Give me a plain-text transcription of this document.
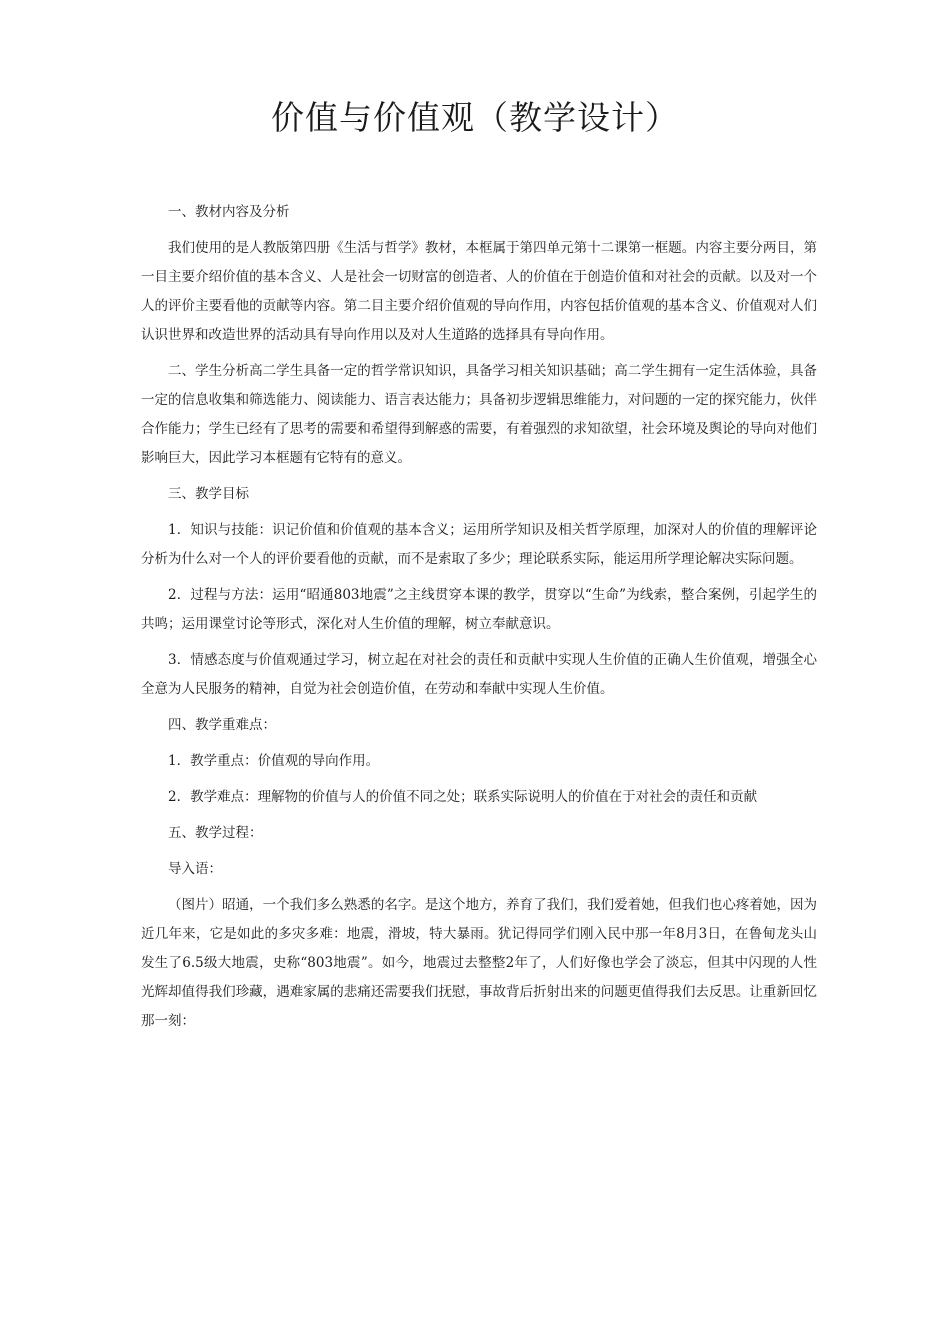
价值与价值观（教学设计）

一、教材内容及分析

我们使用的是人教版第四册《生活与哲学》教材，本框属于第四单元第十二课第一框题。内容主要分两目，第一目主要介绍价值的基本含义、人是社会一切财富的创造者、人的价值在于创造价值和对社会的贡献。以及对一个人的评价主要看他的贡献等内容。第二目主要介绍价值观的导向作用，内容包括价值观的基本含义、价值观对人们认识世界和改造世界的活动具有导向作用以及对人生道路的选择具有导向作用。

二、学生分析高二学生具备一定的哲学常识知识，具备学习相关知识基础；高二学生拥有一定生活体验，具备一定的信息收集和筛选能力、阅读能力、语言表达能力；具备初步逻辑思维能力，对问题的一定的探究能力，伙伴合作能力；学生已经有了思考的需要和希望得到解惑的需要，有着强烈的求知欲望，社会环境及舆论的导向对他们影响巨大，因此学习本框题有它特有的意义。

三、教学目标

1．知识与技能：识记价值和价值观的基本含义；运用所学知识及相关哲学原理，加深对人的价值的理解评论分析为什么对一个人的评价要看他的贡献，而不是索取了多少；理论联系实际，能运用所学理论解决实际问题。

2．过程与方法：运用“昭通803地震”之主线贯穿本课的教学，贯穿以“生命”为线索，整合案例，引起学生的共鸣；运用课堂讨论等形式，深化对人生价值的理解，树立奉献意识。

3．情感态度与价值观通过学习，树立起在对社会的责任和贡献中实现人生价值的正确人生价值观，增强全心全意为人民服务的精神，自觉为社会创造价值，在劳动和奉献中实现人生价值。

四、教学重难点：

1．教学重点：价值观的导向作用。

2．教学难点：理解物的价值与人的价值不同之处；联系实际说明人的价值在于对社会的责任和贡献

五、教学过程：

导入语：

（图片）昭通，一个我们多么熟悉的名字。是这个地方，养育了我们，我们爱着她，但我们也心疼着她，因为近几年来，它是如此的多灾多难：地震，滑坡，特大暴雨。犹记得同学们刚入民中那一年8月3日，在鲁甸龙头山发生了6.5级大地震，史称“803地震”。如今，地震过去整整2年了，人们好像也学会了淡忘，但其中闪现的人性光辉却值得我们珍藏，遇难家属的悲痛还需要我们抚慰，事故背后折射出来的问题更值得我们去反思。让重新回忆那一刻：
